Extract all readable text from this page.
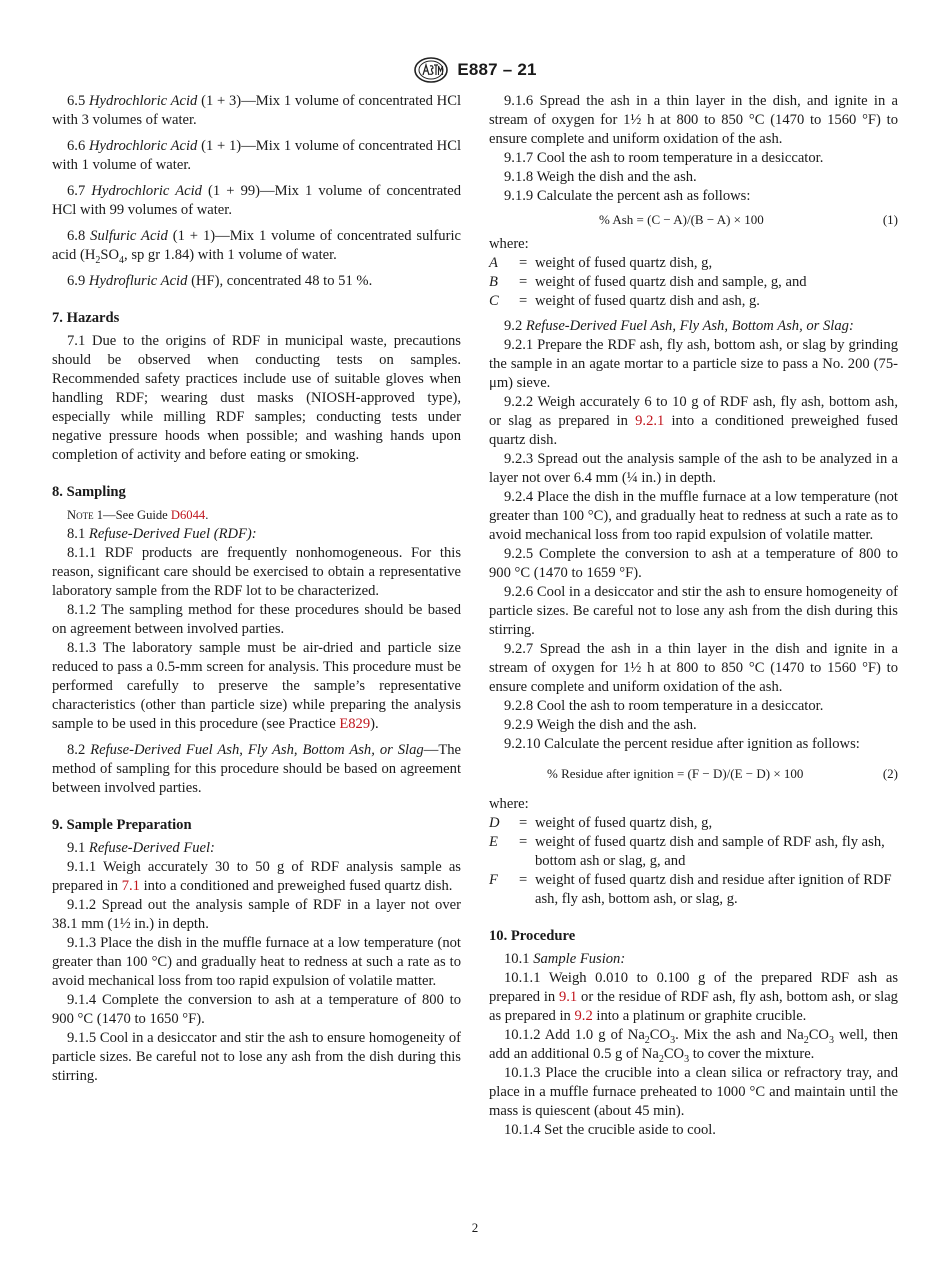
E887 – 21

6.5 Hydrochloric Acid (1 + 3)—Mix 1 volume of concentrated HCl with 3 volumes of water.

6.6 Hydrochloric Acid (1 + 1)—Mix 1 volume of concentrated HCl with 1 volume of water.

6.7 Hydrochloric Acid (1 + 99)—Mix 1 volume of concentrated HCl with 99 volumes of water.

6.8 Sulfuric Acid (1 + 1)—Mix 1 volume of concentrated sulfuric acid ($H_2SO_4$, sp gr 1.84) with 1 volume of water.

6.9 Hydrofluric Acid (HF), concentrated 48 to 51 %.

7. Hazards

7.1 Due to the origins of RDF in municipal waste, precautions should be observed when conducting tests on samples. Recommended safety practices include use of suitable gloves when handling RDF; wearing dust masks (NIOSH-approved type), especially while milling RDF samples; conducting tests under negative pressure hoods when possible; and washing hands upon completion of activity and before eating or smoking.

8. Sampling

Note 1—See Guide D6044.

8.1 Refuse-Derived Fuel (RDF):

8.1.1 RDF products are frequently nonhomogeneous. For this reason, significant care should be exercised to obtain a representative laboratory sample from the RDF lot to be characterized.

8.1.2 The sampling method for these procedures should be based on agreement between involved parties.

8.1.3 The laboratory sample must be air-dried and particle size reduced to pass a 0.5-mm screen for analysis. This procedure must be performed carefully to preserve the sample’s representative characteristics (other than particle size) while preparing the analysis sample to be used in this procedure (see Practice E829).

8.2 Refuse-Derived Fuel Ash, Fly Ash, Bottom Ash, or Slag—The method of sampling for this procedure should be based on agreement between involved parties.

9. Sample Preparation

9.1 Refuse-Derived Fuel:

9.1.1 Weigh accurately 30 to 50 g of RDF analysis sample as prepared in 7.1 into a conditioned and preweighed fused quartz dish.

9.1.2 Spread out the analysis sample of RDF in a layer not over 38.1 mm (1½ in.) in depth.

9.1.3 Place the dish in the muffle furnace at a low temperature (not greater than 100 °C) and gradually heat to redness at such a rate as to avoid mechanical loss from too rapid expulsion of volatile matter.

9.1.4 Complete the conversion to ash at a temperature of 800 to 900 °C (1470 to 1650 °F).

9.1.5 Cool in a desiccator and stir the ash to ensure homogeneity of particle sizes. Be careful not to lose any ash from the dish during this stirring.

9.1.6 Spread the ash in a thin layer in the dish, and ignite in a stream of oxygen for 1½ h at 800 to 850 °C (1470 to 1560 °F) to ensure complete and uniform oxidation of the ash.

9.1.7 Cool the ash to room temperature in a desiccator.

9.1.8 Weigh the dish and the ash.

9.1.9 Calculate the percent ash as follows:

% Ash = (C − A)/(B − A) × 100	(1)

where:

A	= weight of fused quartz dish, g,
B	= weight of fused quartz dish and sample, g, and
C	= weight of fused quartz dish and ash, g.

9.2 Refuse-Derived Fuel Ash, Fly Ash, Bottom Ash, or Slag:

9.2.1 Prepare the RDF ash, fly ash, bottom ash, or slag by grinding the sample in an agate mortar to a particle size to pass a No. 200 (75-μm) sieve.

9.2.2 Weigh accurately 6 to 10 g of RDF ash, fly ash, bottom ash, or slag as prepared in 9.2.1 into a conditioned preweighed fused quartz dish.

9.2.3 Spread out the analysis sample of the ash to be analyzed in a layer not over 6.4 mm (¼ in.) in depth.

9.2.4 Place the dish in the muffle furnace at a low temperature (not greater than 100 °C), and gradually heat to redness at such a rate as to avoid mechanical loss from too rapid expulsion of volatile matter.

9.2.5 Complete the conversion to ash at a temperature of 800 to 900 °C (1470 to 1659 °F).

9.2.6 Cool in a desiccator and stir the ash to ensure homogeneity of particle sizes. Be careful not to lose any ash from the dish during this stirring.

9.2.7 Spread the ash in a thin layer in the dish and ignite in a stream of oxygen for 1½ h at 800 to 850 °C (1470 to 1560 °F) to ensure complete and uniform oxidation of the ash.

9.2.8 Cool the ash to room temperature in a desiccator.

9.2.9 Weigh the dish and the ash.

9.2.10 Calculate the percent residue after ignition as follows:

% Residue after ignition = (F − D)/(E − D) × 100	(2)

where:

D	= weight of fused quartz dish, g,
E	= weight of fused quartz dish and sample of RDF ash, fly ash, bottom ash or slag, g, and
F	= weight of fused quartz dish and residue after ignition of RDF ash, fly ash, bottom ash, or slag, g.
10. Procedure

10.1 Sample Fusion:

10.1.1 Weigh 0.010 to 0.100 g of the prepared RDF ash as prepared in 9.1 or the residue of RDF ash, fly ash, bottom ash, or slag as prepared in 9.2 into a platinum or graphite crucible.

10.1.2 Add 1.0 g of $Na_2CO_3$. Mix the ash and $Na_2CO_3$ well, then add an additional 0.5 g of $Na_2CO_3$ to cover the mixture.

10.1.3 Place the crucible into a clean silica or refractory tray, and place in a muffle furnace preheated to 1000 °C and maintain until the mass is quiescent (about 45 min).

10.1.4 Set the crucible aside to cool.

2
